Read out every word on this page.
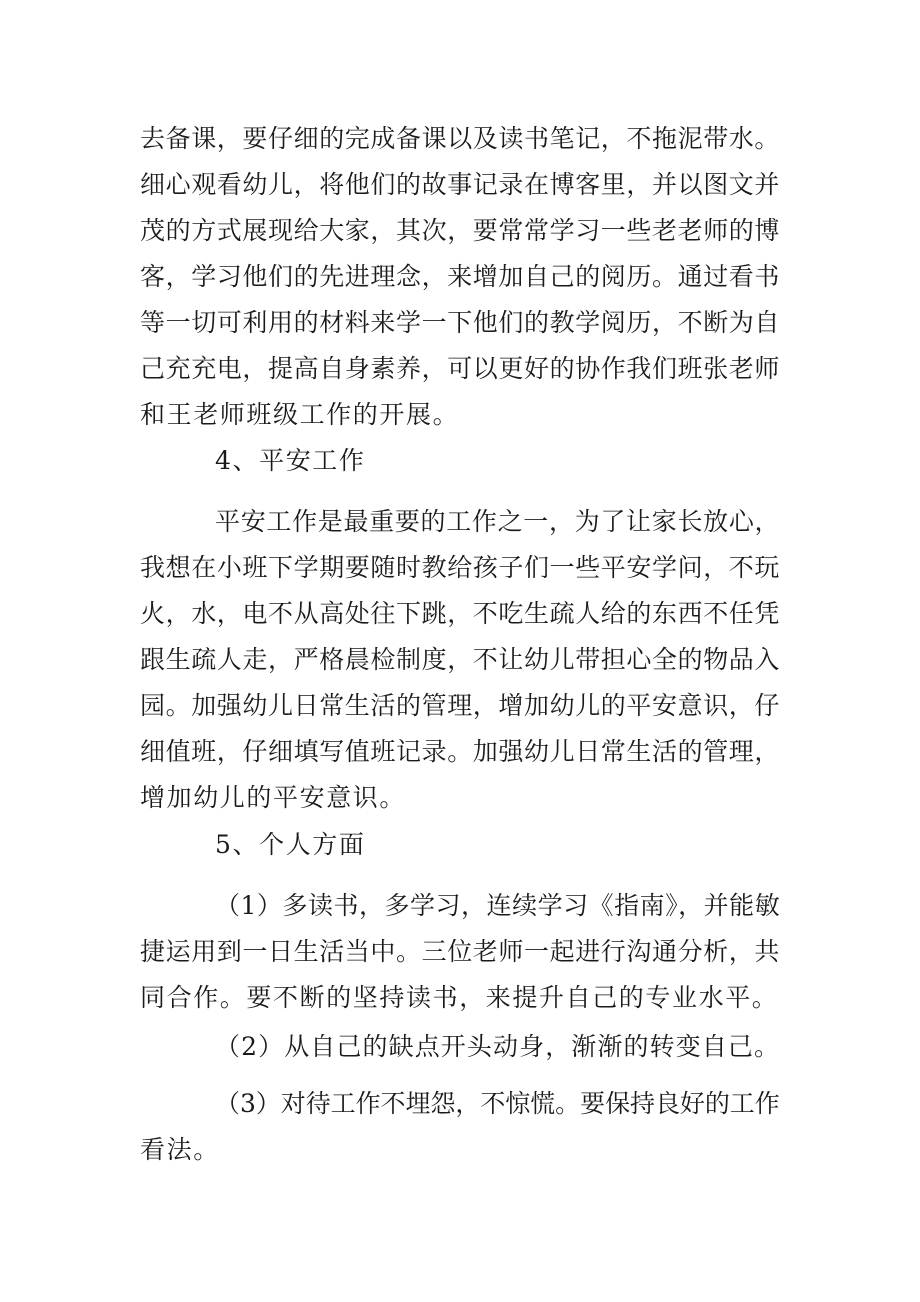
去备课，要仔细的完成备课以及读书笔记，不拖泥带水。
细心观看幼儿，将他们的故事记录在博客里，并以图文并
茂的方式展现给大家，其次，要常常学习一些老老师的博
客，学习他们的先进理念，来增加自己的阅历。通过看书
等一切可利用的材料来学一下他们的教学阅历，不断为自
己充充电，提高自身素养，可以更好的协作我们班张老师
和王老师班级工作的开展。
4、平安工作
平安工作是最重要的工作之一，为了让家长放心，
我想在小班下学期要随时教给孩子们一些平安学问，不玩
火，水，电不从高处往下跳，不吃生疏人给的东西不任凭
跟生疏人走，严格晨检制度，不让幼儿带担心全的物品入
园。加强幼儿日常生活的管理，增加幼儿的平安意识，仔
细值班，仔细填写值班记录。加强幼儿日常生活的管理，
增加幼儿的平安意识。
5、个人方面
（1）多读书，多学习，连续学习《指南》，并能敏
捷运用到一日生活当中。三位老师一起进行沟通分析，共
同合作。要不断的坚持读书，来提升自己的专业水平。
（2）从自己的缺点开头动身，渐渐的转变自己。
（3）对待工作不埋怨，不惊慌。要保持良好的工作
看法。
